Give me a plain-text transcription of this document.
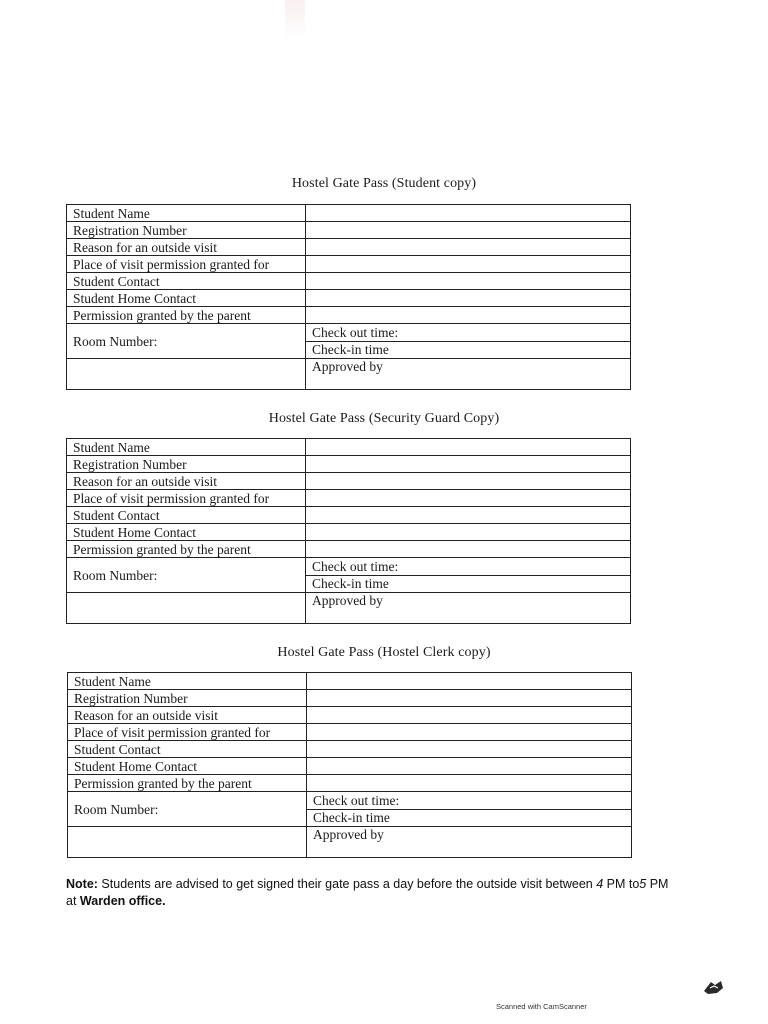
Hostel Gate Pass (Student copy)
Student Name	
Registration Number	
Reason for an outside visit	
Place of visit permission granted for	
Student Contact	
Student Home Contact	
Permission granted by the parent	
Room Number:	Check out time:
	Check-in time
	Approved by
Hostel Gate Pass (Security Guard Copy)
Student Name	
Registration Number	
Reason for an outside visit	
Place of visit permission granted for	
Student Contact	
Student Home Contact	
Permission granted by the parent	
Room Number:	Check out time:
	Check-in time
	Approved by
Hostel Gate Pass (Hostel Clerk copy)
Student Name	
Registration Number	
Reason for an outside visit	
Place of visit permission granted for	
Student Contact	
Student Home Contact	
Permission granted by the parent	
Room Number:	Check out time:
	Check-in time
	Approved by
Note: Students are advised to get signed their gate pass a day before the outside visit between 4 PM to5 PM at Warden office.
Scanned with CamScanner
